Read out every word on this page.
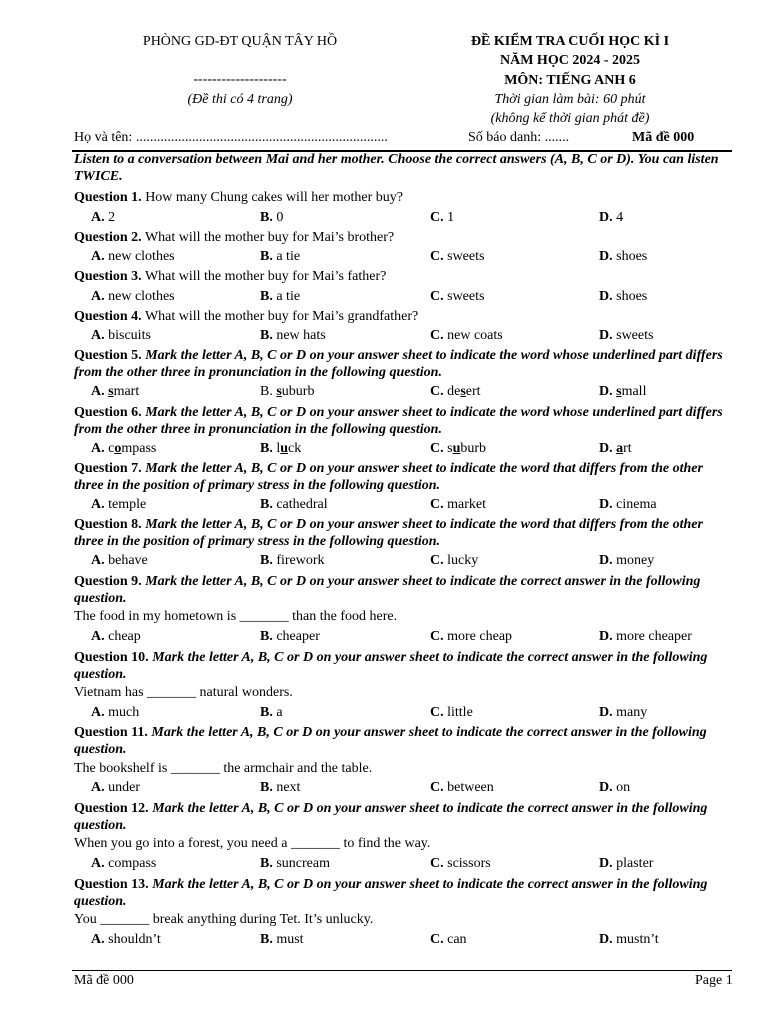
PHÒNG GD-ĐT QUẬN TÂY HỒ
--------------------
(Đề thi có 4 trang)
ĐỀ KIỂM TRA CUỐI HỌC KÌ I
NĂM HỌC 2024 - 2025
MÔN: TIẾNG ANH 6
Thời gian làm bài: 60 phút
(không kể thời gian phát đề)
Họ và tên: ........................................................................	Số báo danh: .......	Mã đề 000
Listen to a conversation between Mai and her mother. Choose the correct answers (A, B, C or D). You can listen TWICE.
Question 1. How many Chung cakes will her mother buy?
A. 2	B. 0	C. 1	D. 4
Question 2. What will the mother buy for Mai’s brother?
A. new clothes	B. a tie	C. sweets	D. shoes
Question 3. What will the mother buy for Mai’s father?
A. new clothes	B. a tie	C. sweets	D. shoes
Question 4. What will the mother buy for Mai’s grandfather?
A. biscuits	B. new hats	C. new coats	D. sweets
Question 5. Mark the letter A, B, C or D on your answer sheet to indicate the word whose underlined part differs from the other three in pronunciation in the following question.
A. smart	B. suburb	C. desert	D. small
Question 6. Mark the letter A, B, C or D on your answer sheet to indicate the word whose underlined part differs from the other three in pronunciation in the following question.
A. compass	B. luck	C. suburb	D. art
Question 7. Mark the letter A, B, C or D on your answer sheet to indicate the word that differs from the other three in the position of primary stress in the following question.
A. temple	B. cathedral	C. market	D. cinema
Question 8. Mark the letter A, B, C or D on your answer sheet to indicate the word that differs from the other three in the position of primary stress in the following question.
A. behave	B. firework	C. lucky	D. money
Question 9. Mark the letter A, B, C or D on your answer sheet to indicate the correct answer in the following question.
The food in my hometown is _______ than the food here.
A. cheap	B. cheaper	C. more cheap	D. more cheaper
Question 10. Mark the letter A, B, C or D on your answer sheet to indicate the correct answer in the following question.
Vietnam has _______ natural wonders.
A. much	B. a	C. little	D. many
Question 11. Mark the letter A, B, C or D on your answer sheet to indicate the correct answer in the following question.
The bookshelf is _______ the armchair and the table.
A. under	B. next	C. between	D. on
Question 12. Mark the letter A, B, C or D on your answer sheet to indicate the correct answer in the following question.
When you go into a forest, you need a _______ to find the way.
A. compass	B. suncream	C. scissors	D. plaster
Question 13. Mark the letter A, B, C or D on your answer sheet to indicate the correct answer in the following question.
You _______ break anything during Tet. It’s unlucky.
A. shouldn’t	B. must	C. can	D. mustn’t
Mã đề 000	Page 1
